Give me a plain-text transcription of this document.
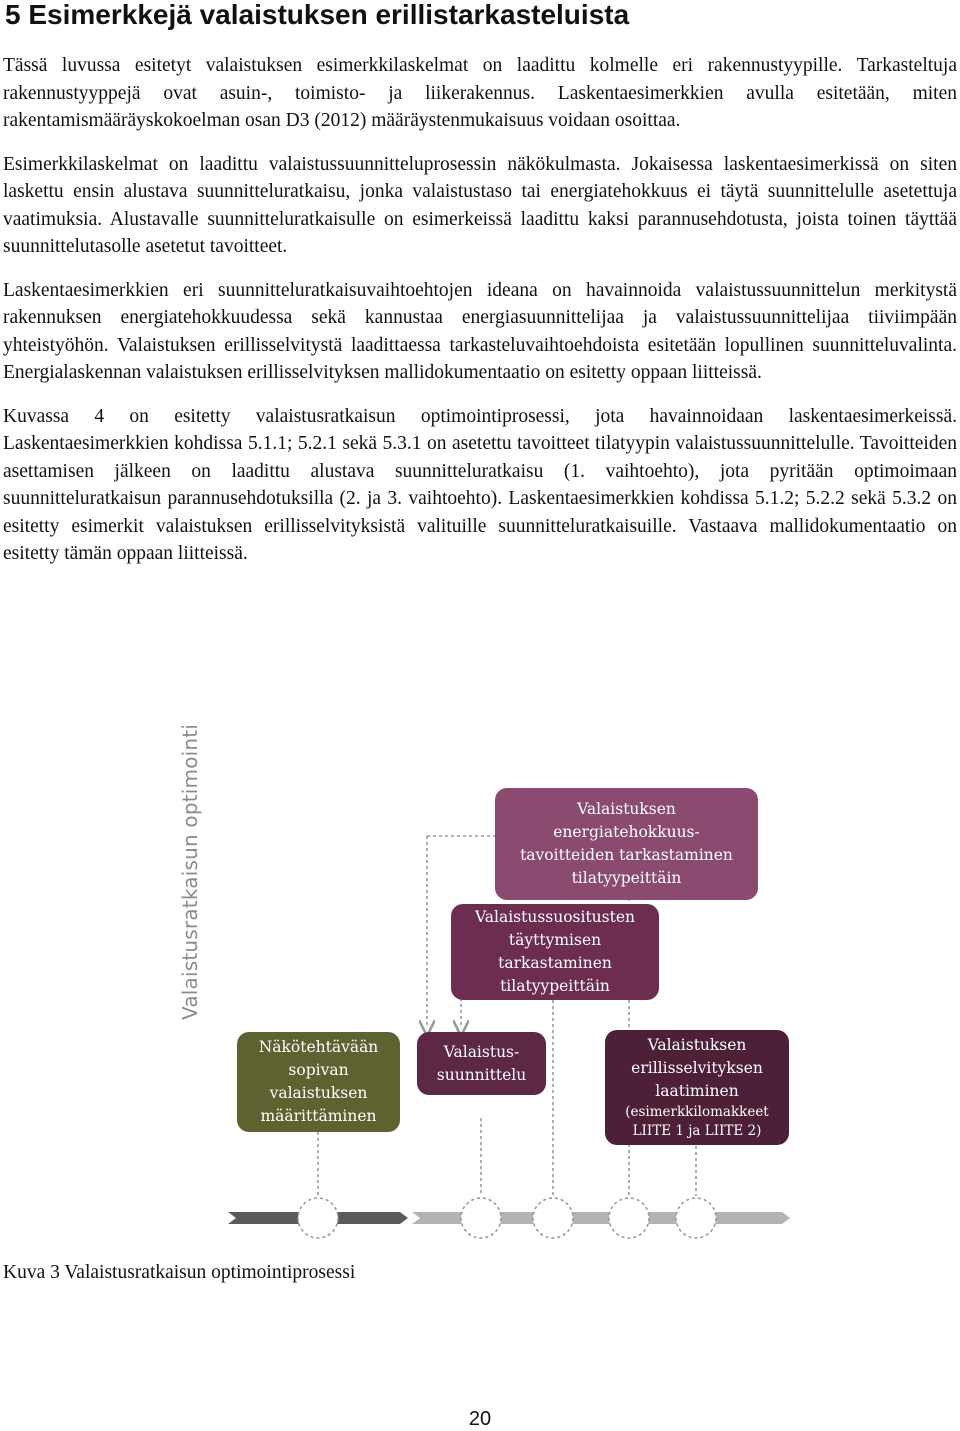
5 Esimerkkejä valaistuksen erillistarkasteluista

Tässä luvussa esitetyt valaistuksen esimerkkilaskelmat on laadittu kolmelle eri rakennustyypille. Tarkasteltuja rakennustyyppejä ovat asuin-, toimisto- ja liikerakennus. Laskentaesimerkkien avulla esitetään, miten rakentamismääräyskokoelman osan D3 (2012) määräystenmukaisuus voidaan osoittaa.

Esimerkkilaskelmat on laadittu valaistussuunnitteluprosessin näkökulmasta. Jokaisessa laskentaesimerkissä on siten laskettu ensin alustava suunnitteluratkaisu, jonka valaistustaso tai energiatehokkuus ei täytä suunnittelulle asetettuja vaatimuksia. Alustavalle suunnitteluratkaisulle on esimerkeissä laadittu kaksi parannusehdotusta, joista toinen täyttää suunnittelutasolle asetetut tavoitteet.

Laskentaesimerkkien eri suunnitteluratkaisuvaihtoehtojen ideana on havainnoida valaistussuunnittelun merkitystä rakennuksen energiatehokkuudessa sekä kannustaa energiasuunnittelijaa ja valaistussuunnittelijaa tiiviimpään yhteistyöhön. Valaistuksen erillisselvitystä laadittaessa tarkasteluvaihtoehdoista esitetään lopullinen suunnitteluvalinta. Energialaskennan valaistuksen erillisselvityksen mallidokumentaatio on esitetty oppaan liitteissä.

Kuvassa 4 on esitetty valaistusratkaisun optimointiprosessi, jota havainnoidaan laskentaesimerkeissä. Laskentaesimerkkien kohdissa 5.1.1; 5.2.1 sekä 5.3.1 on asetettu tavoitteet tilatyypin valaistussuunnittelulle. Tavoitteiden asettamisen jälkeen on laadittu alustava suunnitteluratkaisu (1. vaihtoehto), jota pyritään optimoimaan suunnitteluratkaisun parannusehdotuksilla (2. ja 3. vaihtoehto). Laskentaesimerkkien kohdissa 5.1.2; 5.2.2 sekä 5.3.2 on esitetty esimerkit valaistuksen erillisselvityksistä valituille suunnitteluratkaisuille. Vastaava mallidokumentaatio on esitetty tämän oppaan liitteissä.

Valaistuksen
energiatehokkuus-
tavoitteiden tarkastaminen
tilatyypeittäin
Valaistussuositusten
täyttymisen
tarkastaminen
tilatyypeittäin
Näkötehtävään
sopivan
valaistuksen
määrittäminen
Valaistus-
suunnittelu
Valaistuksen
erillisselvityksen
laatiminen
(esimerkkilomakkeet
LIITE 1 ja LIITE 2)
Valaistusratkaisun optimointi

Kuva 3 Valaistusratkaisun optimointiprosessi

20
